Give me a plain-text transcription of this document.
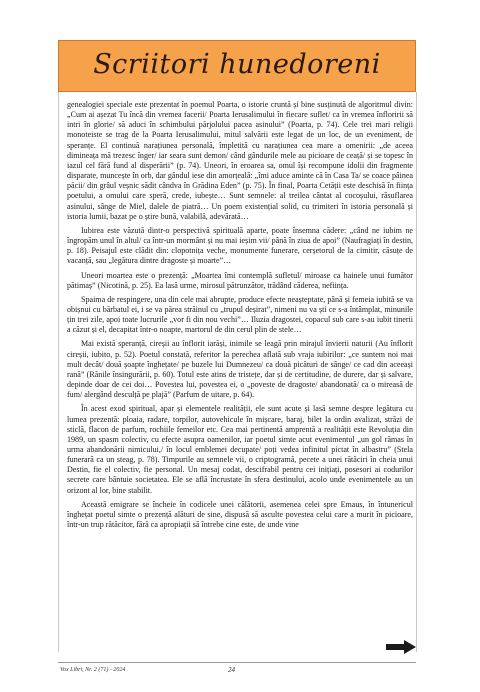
Scriitori hunedoreni

genealogiei speciale este prezentat în poemul Poarta, o istorie cruntă și bine susținută de algoritmul divin: „Cum ai așezat Tu încă din vremea facerii/ Poarta Ierusalimului în fiecare suflet/ ca în vremea înfloririi să intri în glorie/ să aduci în schimbului părjolului pacea asinului” (Poarta, p. 74). Cele trei mari religii monoteiste se trag de la Poarta Ierusalimului, mitul salvării este legat de un loc, de un eveniment, de speranțe. El continuă narațiunea personală, împletită cu narațiunea cea mare a omenirii: „de aceea dimineața mă trezesc înger/ iar seara sunt demon/ când gândurile mele au picioare de ceață/ și se topesc în iazul cel fără fund al disperării” (p. 74). Uneori, în eroarea sa, omul își recompune idolii din fragmente disparate, muncește în orb, dar gândul iese din amorțeală: „îmi aduce aminte că în Casa Ta/ se coace pâinea păcii/ din grâul veșnic sădit cândva în Grădina Eden” (p. 75). În final, Poarta Cetății este deschisă în ființa poetului, a omului care speră, crede, iubește… Sunt semnele: al treilea cântat al cocoșului, răsuflarea asinului, sânge de Miel, dalele de piatră… Un poem existențial solid, cu trimiteri în istoria personală și istoria lumii, bazat pe o știre bună, valabilă, adevărată…

Iubirea este văzută dintr-o perspectivă spirituală aparte, poate însemna cădere: „când ne iubim ne îngropăm unul în altul/ ca într-un mormânt și nu mai ieșim vii/ până în ziua de apoi” (Naufragiați în destin, p. 18). Peisajul este clădit din: clopotnița veche, monumente funerare, cerșetorul de la cimitir, căsuțe de vacanță, sau „legătura dintre dragoste și moarte”…

Uneori moartea este o prezență: „Moartea îmi contemplă sufletul/ miroase ca hainele unui fumător pătimaș” (Nicotină, p. 25). Ea lasă urme, mirosul pătrunzător, trădând căderea, neființa.

Spaima de respingere, una din cele mai abrupte, produce efecte neașteptate, până și femeia iubită se va obișnui cu bărbatul ei, i se va părea străinul cu „trupul deșirat”, nimeni nu va ști ce s-a întâmplat, minunile țin trei zile, apoi toate lucrurile „vor fi din nou vechi”… Iluzia dragostei, copacul sub care s-au iubit tinerii a căzut și el, decapitat într-o noapte, martorul de din cerul plin de stele…

Mai există speranță, cireșii au înflorit iarăși, inimile se leagă prin mirajul învierii naturii (Au înflorit cireșii, iubito, p. 52). Poetul constată, referitor la perechea aflată sub vraja iubirilor: „ce suntem noi mai mult decât/ două șoapte înghețate/ pe buzele lui Dumnezeu/ ca două picături de sânge/ ce cad din aceeași rană” (Rănile însingurării, p. 60). Totul este atins de tristețe, dar și de certitudine, de durere, dar și salvare, depinde doar de cei doi… Povestea lui, povestea ei, o „poveste de dragoste/ abandonată/ ca o mireasă de fum/ alergând desculță pe plajă” (Parfum de uitare, p. 64).

În acest exod spiritual, apar și elementele realității, ele sunt acute și lasă semne despre legătura cu lumea prezentă: ploaia, radare, torpilor, autovehicule în mișcare, baraj, bilet la ordin avalizat, străzi de sticlă, flacon de parfum, rochiile femeilor etc. Cea mai pertinentă amprentă a realității este Revoluția din 1989, un spasm colectiv, cu efecte asupra oamenilor, iar poetul simte acut evenimentul „un gol rămas în urma abandonării nimicului,/ în locul emblemei decupate/ poți vedea infinitul pictat în albastru” (Stela funerară ca un steag, p. 78). Timpurile au semnele vii, o criptogramă, pecete a unei rătăciri în cheia unui Destin, fie el colectiv, fie personal. Un mesaj codat, descifrabil pentru cei inițiați, posesori ai codurilor secrete care bântuie societatea. Ele se află încrustate în sfera destinului, acolo unde evenimentele au un orizont al lor, bine stabilit.

Această emigrare se încheie în codicele unei călătorii, asemenea celei spre Emaus, în întunericul înghețat poetul simte o prezență alături de sine, dispusă să asculte povestea celui care a murit în picioare, într-un trup rătăcitor, fără ca apropiații să întrebe cine este, de unde vine

Vox Libri, Nr. 2 (71) - 2024	24
